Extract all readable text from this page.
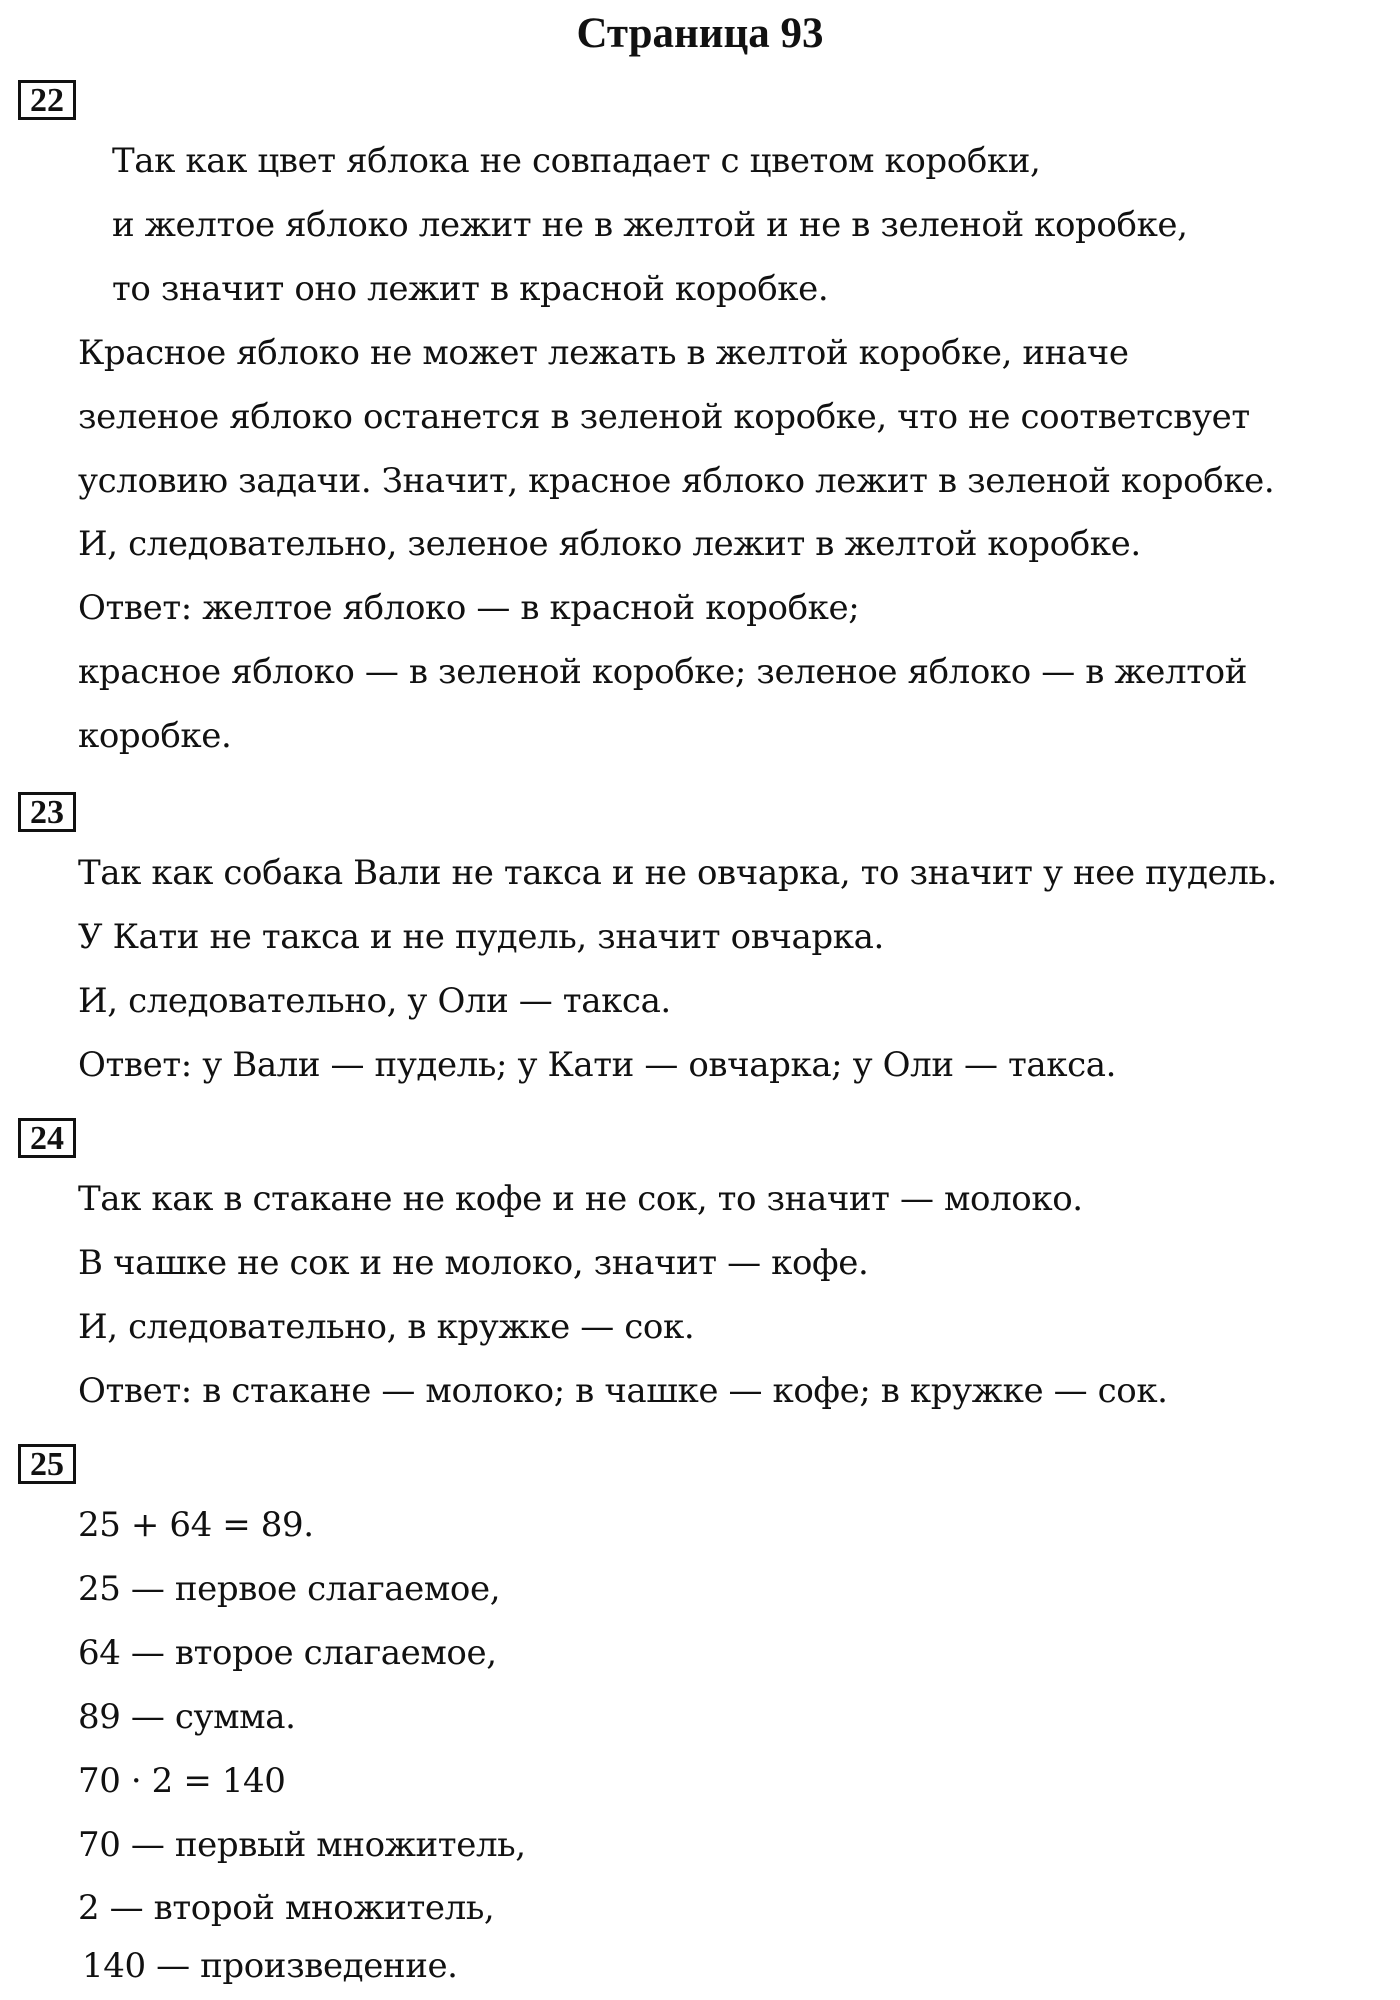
Страница 93
22
Так как цвет яблока не совпадает с цветом коробки,
и желтое яблоко лежит не в желтой и не в зеленой коробке,
то значит оно лежит в красной коробке.
Красное яблоко не может лежать в желтой коробке, иначе
зеленое яблоко останется в зеленой коробке, что не соответсвует
условию задачи. Значит, красное яблоко лежит в зеленой коробке.
И, следовательно, зеленое яблоко лежит в желтой коробке.
Ответ: желтое яблоко — в красной коробке;
красное яблоко — в зеленой коробке; зеленое яблоко — в желтой
коробке.
23
Так как собака Вали не такса и не овчарка, то значит у нее пудель.
У Кати не такса и не пудель, значит овчарка.
И, следовательно, у Оли — такса.
Ответ: у Вали — пудель; у Кати — овчарка; у Оли — такса.
24
Так как в стакане не кофе и не сок, то значит — молоко.
В чашке не сок и не молоко, значит — кофе.
И, следовательно, в кружке — сок.
Ответ: в стакане — молоко; в чашке — кофе; в кружке — сок.
25
25 + 64 = 89.
25 — первое слагаемое,
64 — второе слагаемое,
89 — сумма.
70 · 2 = 140
70 — первый множитель,
2 — второй множитель,
140 — произведение.
